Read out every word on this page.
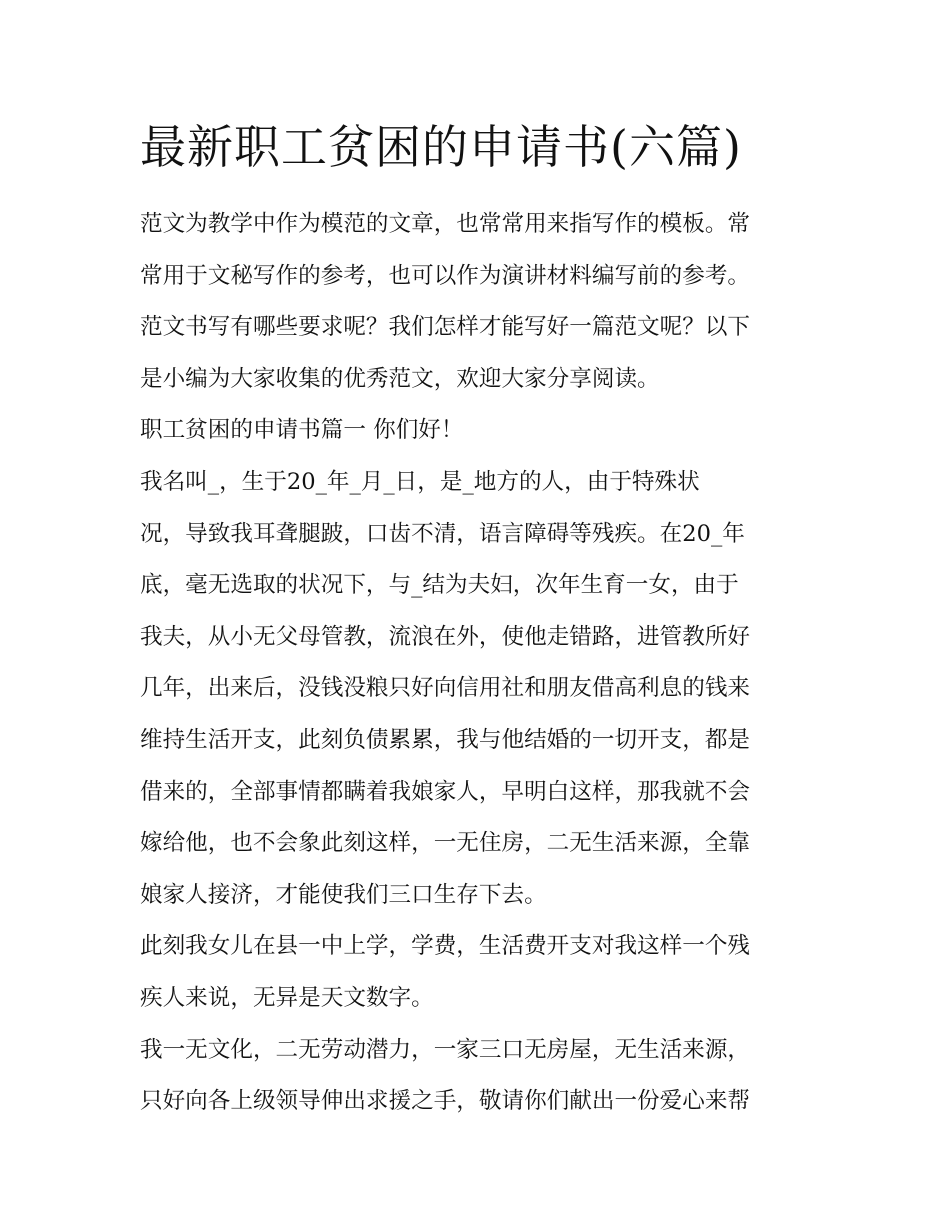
最新职工贫困的申请书(六篇)
范文为教学中作为模范的文章，也常常用来指写作的模板。常
常用于文秘写作的参考，也可以作为演讲材料编写前的参考。
范文书写有哪些要求呢？我们怎样才能写好一篇范文呢？以下
是小编为大家收集的优秀范文，欢迎大家分享阅读。
职工贫困的申请书篇一 你们好！
我名叫_，生于20_年_月_日，是_地方的人，由于特殊状
况，导致我耳聋腿跛，口齿不清，语言障碍等残疾。在20_年
底，毫无选取的状况下，与_结为夫妇，次年生育一女，由于
我夫，从小无父母管教，流浪在外，使他走错路，进管教所好
几年，出来后，没钱没粮只好向信用社和朋友借高利息的钱来
维持生活开支，此刻负债累累，我与他结婚的一切开支，都是
借来的，全部事情都瞒着我娘家人，早明白这样，那我就不会
嫁给他，也不会象此刻这样，一无住房，二无生活来源，全靠
娘家人接济，才能使我们三口生存下去。
此刻我女儿在县一中上学，学费，生活费开支对我这样一个残
疾人来说，无异是天文数字。
我一无文化，二无劳动潜力，一家三口无房屋，无生活来源，
只好向各上级领导伸出求援之手，敬请你们献出一份爱心来帮
